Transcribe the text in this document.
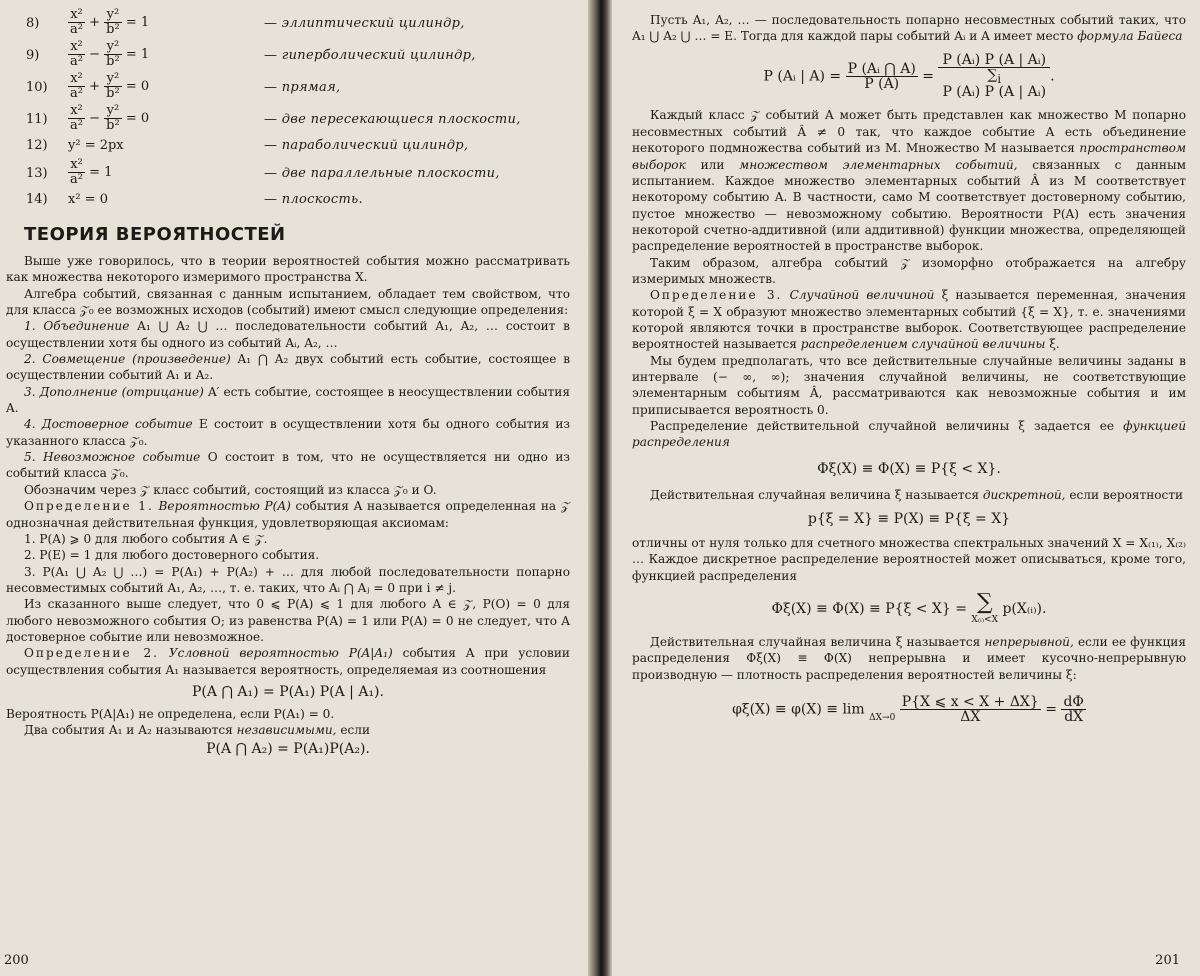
8)	$\frac{\text{x²}}{\text{a²}} + \frac{\text{y²}}{\text{b²}} = 1$	— эллиптический цилиндр,
9)	$\frac{\text{x²}}{\text{a²}} - \frac{\text{y²}}{\text{b²}} = 1$	— гиперболический цилиндр,
10)	$\frac{\text{x²}}{\text{a²}} + \frac{\text{y²}}{\text{b²}} = 0$	— прямая,
11)	$\frac{\text{x²}}{\text{a²}} - \frac{\text{y²}}{\text{b²}} = 0$	— две пересекающиеся плоскости,
12)	y² = 2px	— параболический цилиндр,
13)	$\frac{\text{x²}}{\text{a²}} = 1$	— две параллельные плоскости,
14)	x² = 0	— плоскость.
ТЕОРИЯ ВЕРОЯТНОСТЕЙ

Выше уже говорилось, что в теории вероятностей события можно рассматривать как множества некоторого измеримого пространства X.

Алгебра событий, связанная с данным испытанием, обладает тем свойством, что для класса 𝒵₀ ее возможных исходов (событий) имеют смысл следующие определения:

1. Объединение A₁ ⋃ A₂ ⋃ … последовательности событий A₁, A₂, … состоит в осуществлении хотя бы одного из событий Aᵢ, A₂, …

2. Совмещение (произведение) A₁ ⋂ A₂ двух событий есть событие, состоящее в осуществлении событий A₁ и A₂.

3. Дополнение (отрицание) A′ есть событие, состоящее в неосуществлении события A.

4. Достоверное событие E состоит в осуществлении хотя бы одного события из указанного класса 𝒵₀.

5. Невозможное событие O состоит в том, что не осуществляется ни одно из событий класса 𝒵₀.

Обозначим через 𝒵 класс событий, состоящий из класса 𝒵₀ и O.

Определение 1. Вероятностью P(A) события A называется определенная на 𝒵 однозначная действительная функция, удовлетворяющая аксиомам:

1. P(A) ⩾ 0 для любого события A ∈ 𝒵.

2. P(E) = 1 для любого достоверного события.

3. P(A₁ ⋃ A₂ ⋃ …) = P(A₁) + P(A₂) + … для любой последовательности попарно несовместимых событий A₁, A₂, …, т. е. таких, что Aᵢ ⋂ Aⱼ = 0 при i ≠ j.

Из сказанного выше следует, что 0 ⩽ P(A) ⩽ 1 для любого A ∈ 𝒵, P(O) = 0 для любого невозможного события O; из равенства P(A) = 1 или P(A) = 0 не следует, что A достоверное событие или невозможное.

Определение 2. Условной вероятностью P(A|A₁) события A при условии осуществления события A₁ называется вероятность, определяемая из соотношения

P(A ⋂ A₁) = P(A₁) P(A | A₁).

Вероятность P(A|A₁) не определена, если P(A₁) = 0.

Два события A₁ и A₂ называются независимыми, если

P(A ⋂ A₂) = P(A₁)P(A₂).
200

Пусть A₁, A₂, … — последовательность попарно несовместных событий таких, что A₁ ⋃ A₂ ⋃ … = E. Тогда для каждой пары событий Aᵢ и A имеет место формула Байеса

P (Aᵢ | $A) = \frac{\text{P (Aᵢ ⋂ A)}}{P (A)} = P$ (Aᵢ) P (A | Aᵢ)
$\sum_i$
P (Aᵢ) P (A | Aᵢ) .

Каждый класс 𝒵 событий A может быть представлен как множество M попарно несовместных событий Â ≠ 0 так, что каждое событие A есть объединение некоторого подмножества событий из M. Множество M называется пространством выборок или множеством элементарных событий, связанных с данным испытанием. Каждое множество элементарных событий Â из M соответствует некоторому событию A. В частности, само M соответствует достоверному событию, пустое множество — невозможному событию. Вероятности P(A) есть значения некоторой счетно-аддитивной (или аддитивной) функции множества, определяющей распределение вероятностей в пространстве выборок.

Таким образом, алгебра событий 𝒵 изоморфно отображается на алгебру измеримых множеств.

Определение 3. Случайной величиной ξ называется переменная, значения которой ξ = X образуют множество элементарных событий {ξ = X}, т. е. значениями которой являются точки в пространстве выборок. Соответствующее распределение вероятностей называется распределением случайной величины ξ.

Мы будем предполагать, что все действительные случайные величины заданы в интервале (− ∞, ∞); значения случайной величины, не соответствующие элементарным событиям Â, рассматриваются как невозможные события и им приписывается вероятность 0.

Распределение действительной случайной величины ξ задается ее функцией распределения

Φξ(X) ≡ Φ(X) ≡ P{ξ < X}.

Действительная случайная величина ξ называется дискретной, если вероятности

p{ξ = X} ≡ P(X) ≡ P{ξ = X}

отличны от нуля только для счетного множества спектральных значений X = X₍₁₎, X₍₂₎ … Каждое дискретное распределение вероятностей может описываться, кроме того, функцией распределения

Φξ(X) ≡ Φ(X) ≡ P{ξ < X} = ∑
X₍ᵢ₎<X
p(X₍ᵢ₎).

Действительная случайная величина ξ называется непрерывной, если ее функция распределения Φξ(X) ≡ Φ(X) непрерывна и имеет кусочно-непрерывную производную — плотность распределения вероятностей величины ξ:

φξ(X) ≡ φ(X) ≡ lim
ΔX→0
$\frac{P\{X ⩽ x < X + \Delta X\}}{\Delta X} = \frac{d\Phi}{dX}$
201
